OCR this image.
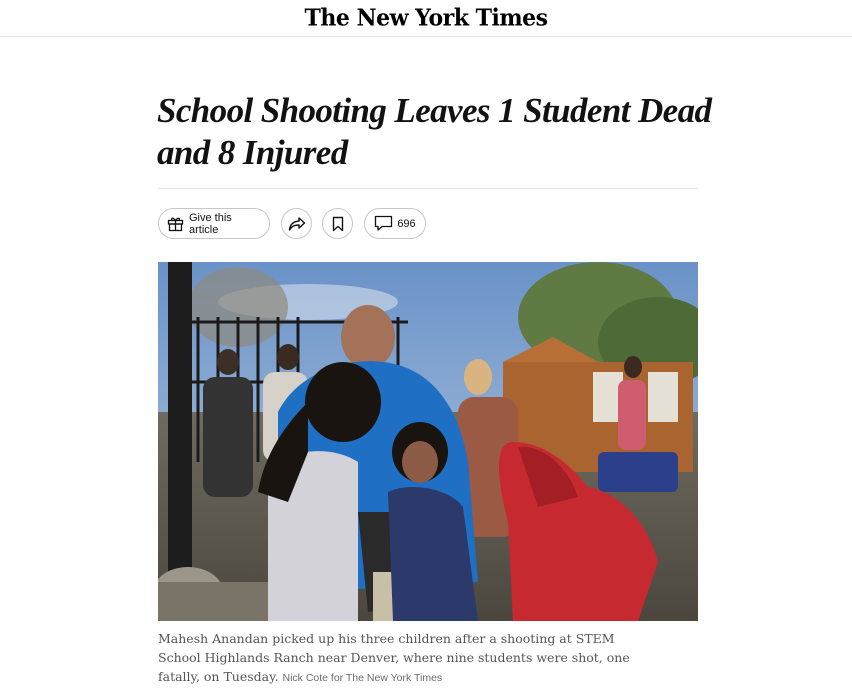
The New York Times
School Shooting Leaves 1 Student Dead and 8 Injured
Give this article	696
Mahesh Anandan picked up his three children after a shooting at STEM School Highlands Ranch near Denver, where nine students were shot, one fatally, on Tuesday. Nick Cote for The New York Times
